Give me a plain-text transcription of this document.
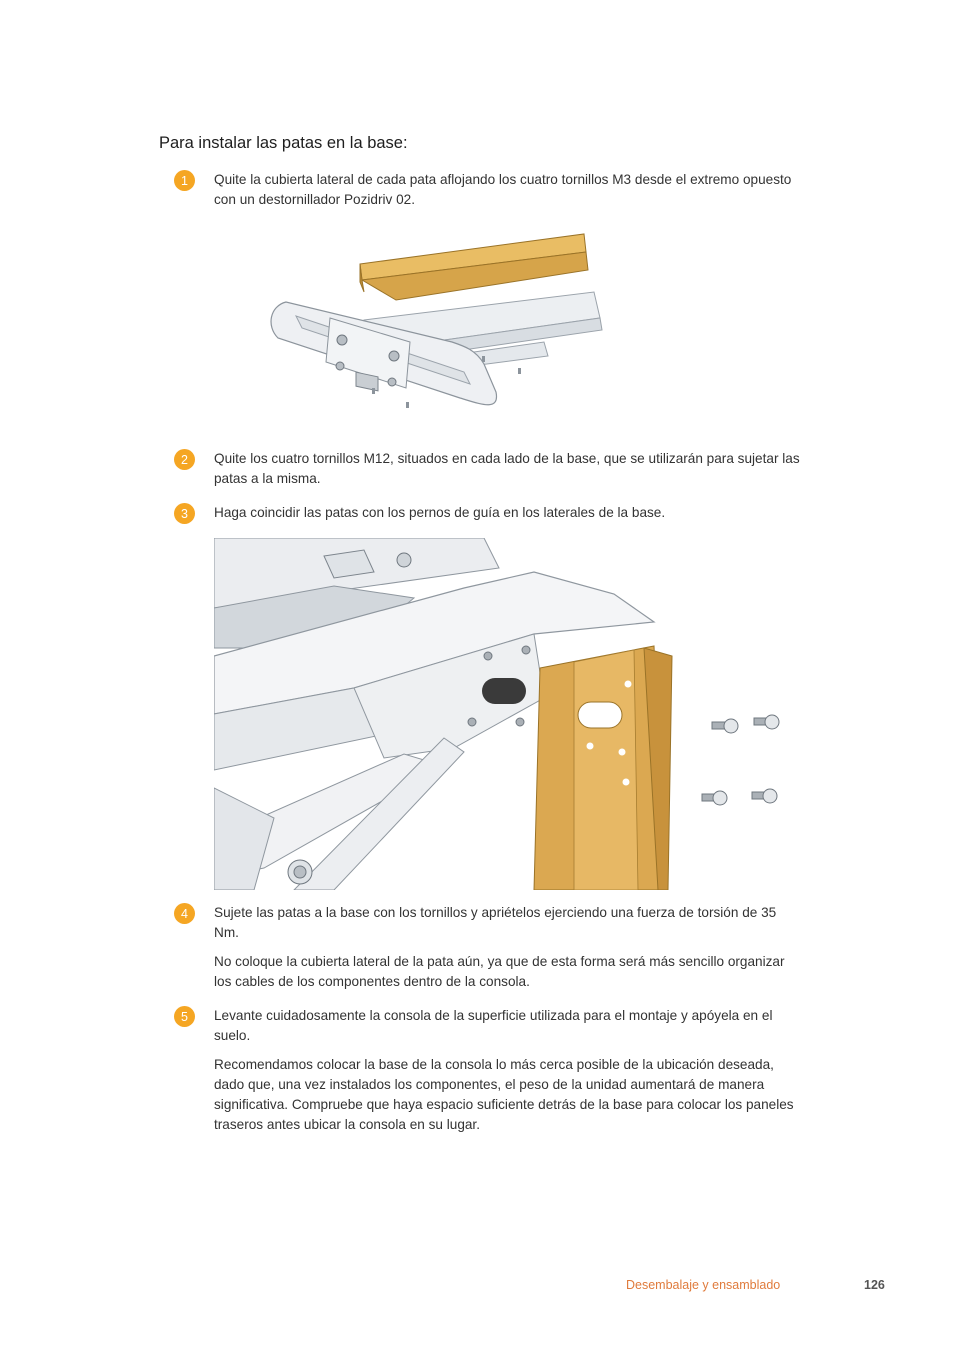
Para instalar las patas en la base:
1	Quite la cubierta lateral de cada pata aflojando los cuatro tornillos M3 desde el extremo opuesto con un destornillador Pozidriv 02.
2	Quite los cuatro tornillos M12, situados en cada lado de la base, que se utilizarán para sujetar las patas a la misma.
3	Haga coincidir las patas con los pernos de guía en los laterales de la base.
4	Sujete las patas a la base con los tornillos y apriételos ejerciendo una fuerza de torsión de 35 Nm.
No coloque la cubierta lateral de la pata aún, ya que de esta forma será más sencillo organizar los cables de los componentes dentro de la consola.
5	Levante cuidadosamente la consola de la superficie utilizada para el montaje y apóyela en el suelo.
Recomendamos colocar la base de la consola lo más cerca posible de la ubicación deseada, dado que, una vez instalados los componentes, el peso de la unidad aumentará de manera significativa. Compruebe que haya espacio suficiente detrás de la base para colocar los paneles traseros antes ubicar la consola en su lugar.
Desembalaje y ensamblado	126
